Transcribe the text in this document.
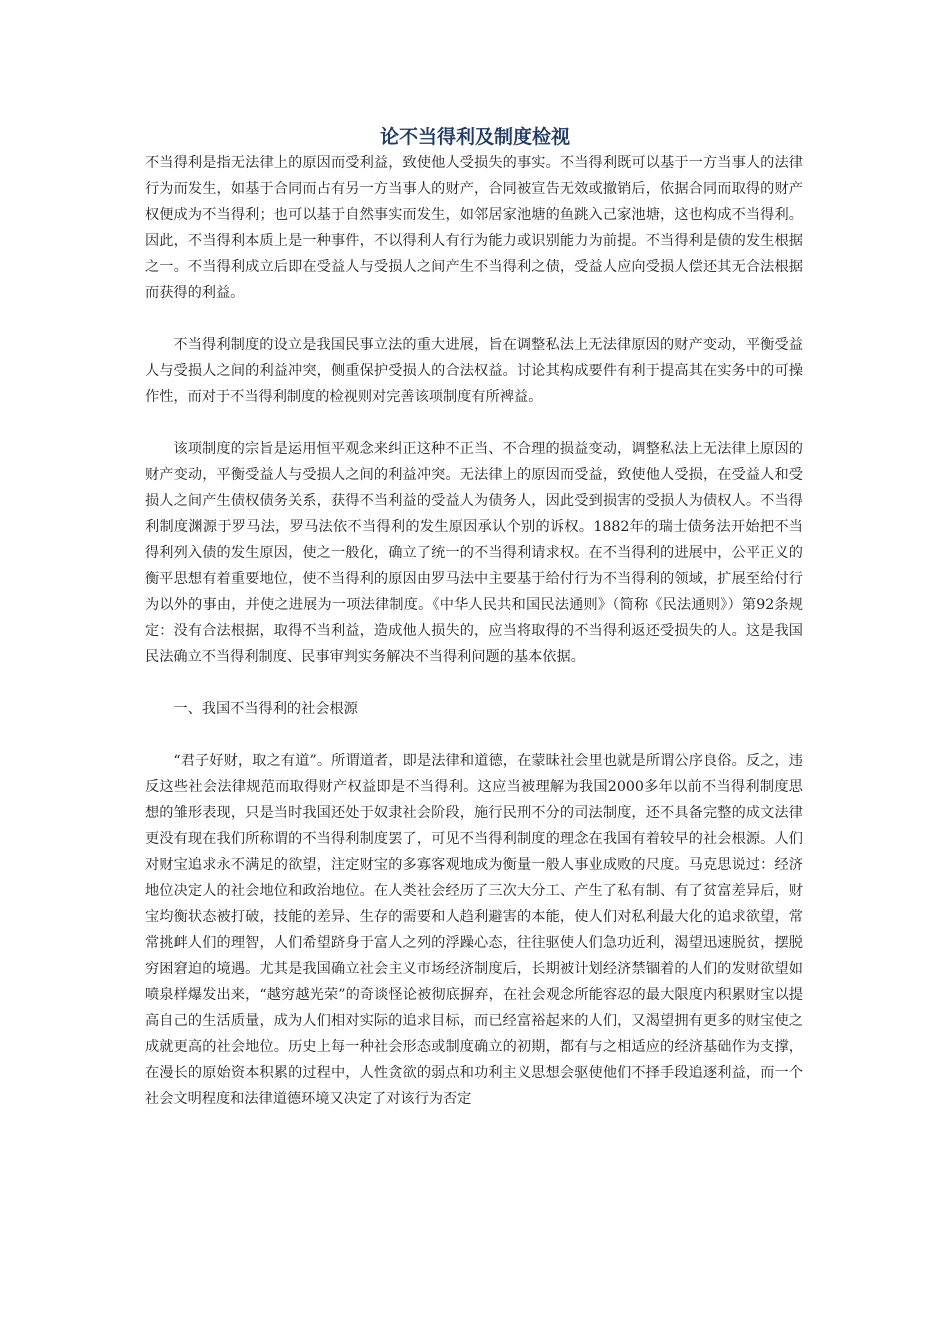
论不当得利及制度检视

不当得利是指无法律上的原因而受利益，致使他人受损失的事实。不当得利既可以基于一方当事人的法律行为而发生，如基于合同而占有另一方当事人的财产，合同被宣告无效或撤销后，依据合同而取得的财产权便成为不当得利；也可以基于自然事实而发生，如邻居家池塘的鱼跳入己家池塘，这也构成不当得利。因此，不当得利本质上是一种事件，不以得利人有行为能力或识别能力为前提。不当得利是债的发生根据之一。不当得利成立后即在受益人与受损人之间产生不当得利之债，受益人应向受损人偿还其无合法根据而获得的利益。

不当得利制度的设立是我国民事立法的重大进展，旨在调整私法上无法律原因的财产变动，平衡受益人与受损人之间的利益冲突，侧重保护受损人的合法权益。讨论其构成要件有利于提高其在实务中的可操作性，而对于不当得利制度的检视则对完善该项制度有所裨益。

该项制度的宗旨是运用恒平观念来纠正这种不正当、不合理的损益变动，调整私法上无法律上原因的财产变动，平衡受益人与受损人之间的利益冲突。无法律上的原因而受益，致使他人受损，在受益人和受损人之间产生债权债务关系，获得不当利益的受益人为债务人，因此受到损害的受损人为债权人。不当得利制度渊源于罗马法，罗马法依不当得利的发生原因承认个别的诉权。1882年的瑞士债务法开始把不当得利列入债的发生原因，使之一般化，确立了统一的不当得利请求权。在不当得利的进展中，公平正义的衡平思想有着重要地位，使不当得利的原因由罗马法中主要基于给付行为不当得利的领域，扩展至给付行为以外的事由，并使之进展为一项法律制度。《中华人民共和国民法通则》（简称《民法通则》）第92条规定：没有合法根据，取得不当利益，造成他人损失的，应当将取得的不当得利返还受损失的人。这是我国民法确立不当得利制度、民事审判实务解决不当得利问题的基本依据。

一、我国不当得利的社会根源

“君子好财，取之有道”。所谓道者，即是法律和道德，在蒙昧社会里也就是所谓公序良俗。反之，违反这些社会法律规范而取得财产权益即是不当得利。这应当被理解为我国2000多年以前不当得利制度思想的雏形表现，只是当时我国还处于奴隶社会阶段，施行民刑不分的司法制度，还不具备完整的成文法律更没有现在我们所称谓的不当得利制度罢了，可见不当得利制度的理念在我国有着较早的社会根源。人们对财宝追求永不满足的欲望，注定财宝的多寡客观地成为衡量一般人事业成败的尺度。马克思说过：经济地位决定人的社会地位和政治地位。在人类社会经历了三次大分工、产生了私有制、有了贫富差异后，财宝均衡状态被打破，技能的差异、生存的需要和人趋利避害的本能，使人们对私利最大化的追求欲望，常常挑衅人们的理智，人们希望跻身于富人之列的浮躁心态，往往驱使人们急功近利，渴望迅速脱贫，摆脱穷困窘迫的境遇。尤其是我国确立社会主义市场经济制度后，长期被计划经济禁锢着的人们的发财欲望如喷泉样爆发出来，“越穷越光荣”的奇谈怪论被彻底摒弃，在社会观念所能容忍的最大限度内积累财宝以提高自己的生活质量，成为人们相对实际的追求目标，而已经富裕起来的人们，又渴望拥有更多的财宝使之成就更高的社会地位。历史上每一种社会形态或制度确立的初期，都有与之相适应的经济基础作为支撑，在漫长的原始资本积累的过程中，人性贪欲的弱点和功利主义思想会驱使他们不择手段追逐利益，而一个社会文明程度和法律道德环境又决定了对该行为否定
